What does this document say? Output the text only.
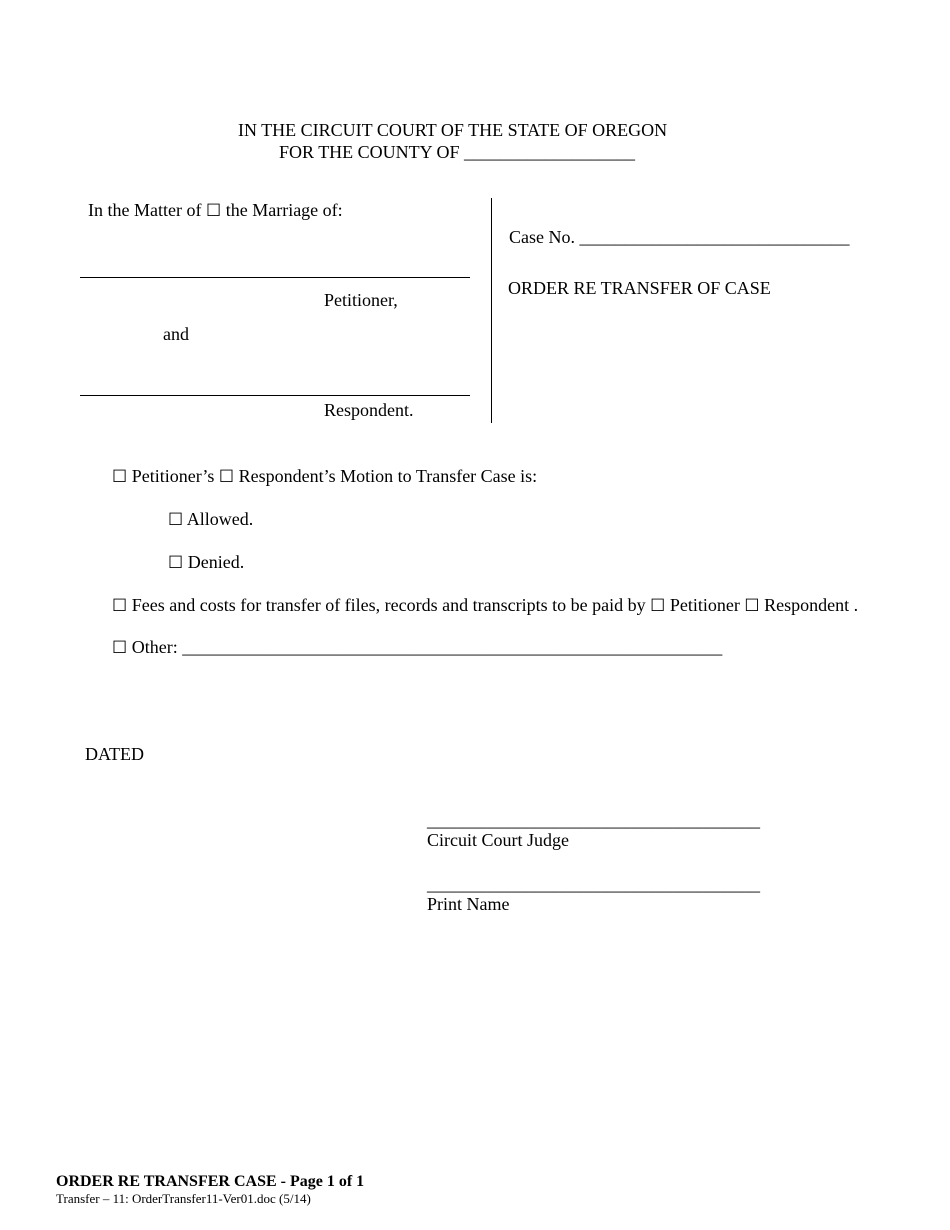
IN THE CIRCUIT COURT OF THE STATE OF OREGON
FOR THE COUNTY OF ___________________
In the Matter of ☐ the Marriage of:
Petitioner,
and
Respondent.
Case No. ______________________________
ORDER RE TRANSFER OF CASE
☐ Petitioner’s ☐ Respondent’s Motion to Transfer Case is:
☐ Allowed.
☐ Denied.
☐ Fees and costs for transfer of files, records and transcripts to be paid by ☐ Petitioner ☐ Respondent .
☐ Other: ____________________________________________________________
DATED
_____________________________________
Circuit Court Judge
_____________________________________
Print Name
ORDER RE TRANSFER CASE - Page 1 of 1
Transfer – 11: OrderTransfer11-Ver01.doc (5/14)
